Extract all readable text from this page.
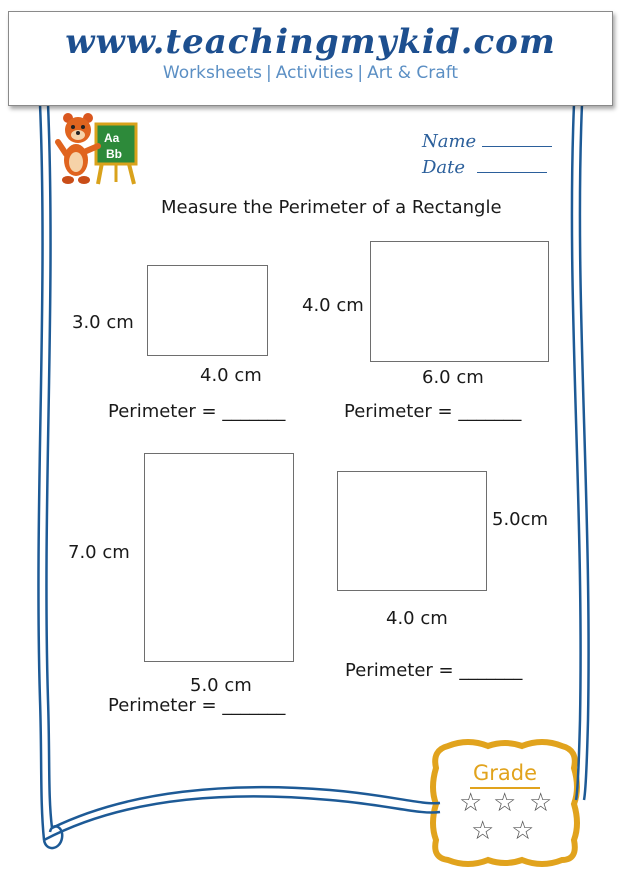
www.teachingmykid.com
Worksheets | Activities | Art & Craft
Aa
Bb
Name
Date
Measure the Perimeter of a Rectangle
3.0 cm
4.0 cm
Perimeter = _______
4.0 cm
6.0 cm
Perimeter = _______
7.0 cm
5.0 cm
Perimeter = _______
5.0cm
4.0 cm
Perimeter = _______
Grade
☆ ☆ ☆
☆ ☆
